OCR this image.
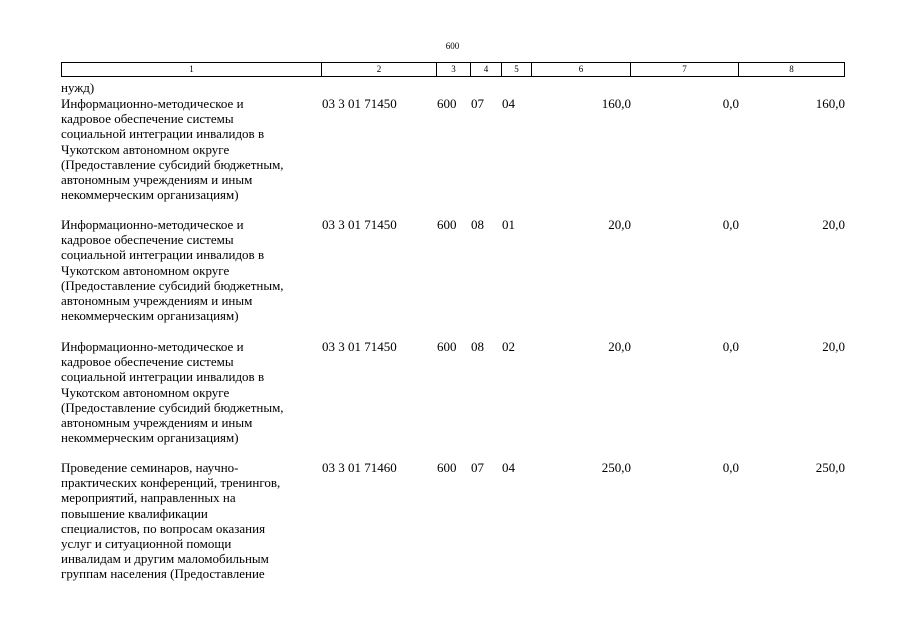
600
1	2	3	4	5	6	7	8
нужд)
Информационно-методическое и
кадровое обеспечение системы
социальной интеграции инвалидов в
Чукотском автономном округе
(Предоставление субсидий бюджетным,
автономным учреждениям и иным
некоммерческим организациям)
03 3 01 71450	600 07 04	160,0	0,0	160,0
Информационно-методическое и
кадровое обеспечение системы
социальной интеграции инвалидов в
Чукотском автономном округе
(Предоставление субсидий бюджетным,
автономным учреждениям и иным
некоммерческим организациям)
03 3 01 71450	600 08 01	20,0	0,0	20,0
Информационно-методическое и
кадровое обеспечение системы
социальной интеграции инвалидов в
Чукотском автономном округе
(Предоставление субсидий бюджетным,
автономным учреждениям и иным
некоммерческим организациям)
03 3 01 71450	600 08 02	20,0	0,0	20,0
Проведение семинаров, научно-
практических конференций, тренингов,
мероприятий, направленных на
повышение квалификации
специалистов, по вопросам оказания
услуг и ситуационной помощи
инвалидам и другим маломобильным
группам населения (Предоставление
03 3 01 71460	600 07 04	250,0	0,0	250,0
